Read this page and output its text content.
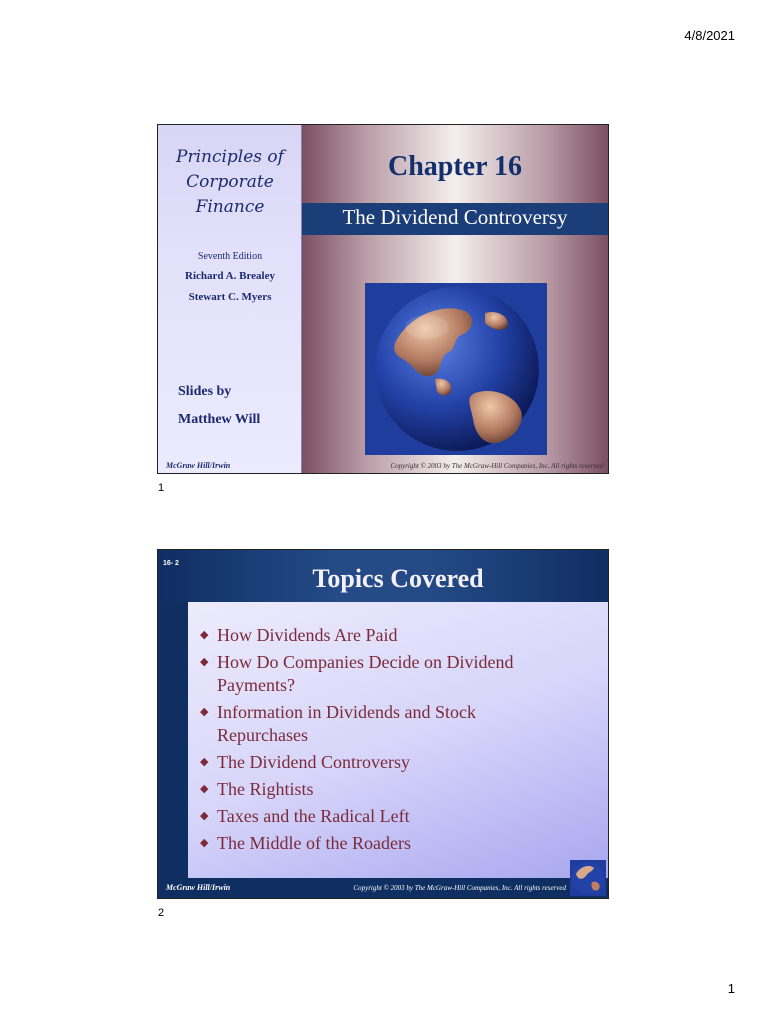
4/8/2021
Principles of
Corporate
Finance
Seventh Edition
Richard A. Brealey
Stewart C. Myers
Slides by
Matthew Will
McGraw Hill/Irwin
Chapter 16
The Dividend Controversy
Copyright © 2003 by The McGraw-Hill Companies, Inc. All rights reserved
1
16- 2
Topics Covered
◆ How Dividends Are Paid
◆ How Do Companies Decide on Dividend Payments?
◆ Information in Dividends and Stock Repurchases
◆ The Dividend Controversy
◆ The Rightists
◆ Taxes and the Radical Left
◆ The Middle of the Roaders
McGraw Hill/Irwin	Copyright © 2003 by The McGraw-Hill Companies, Inc. All rights reserved
2
1
